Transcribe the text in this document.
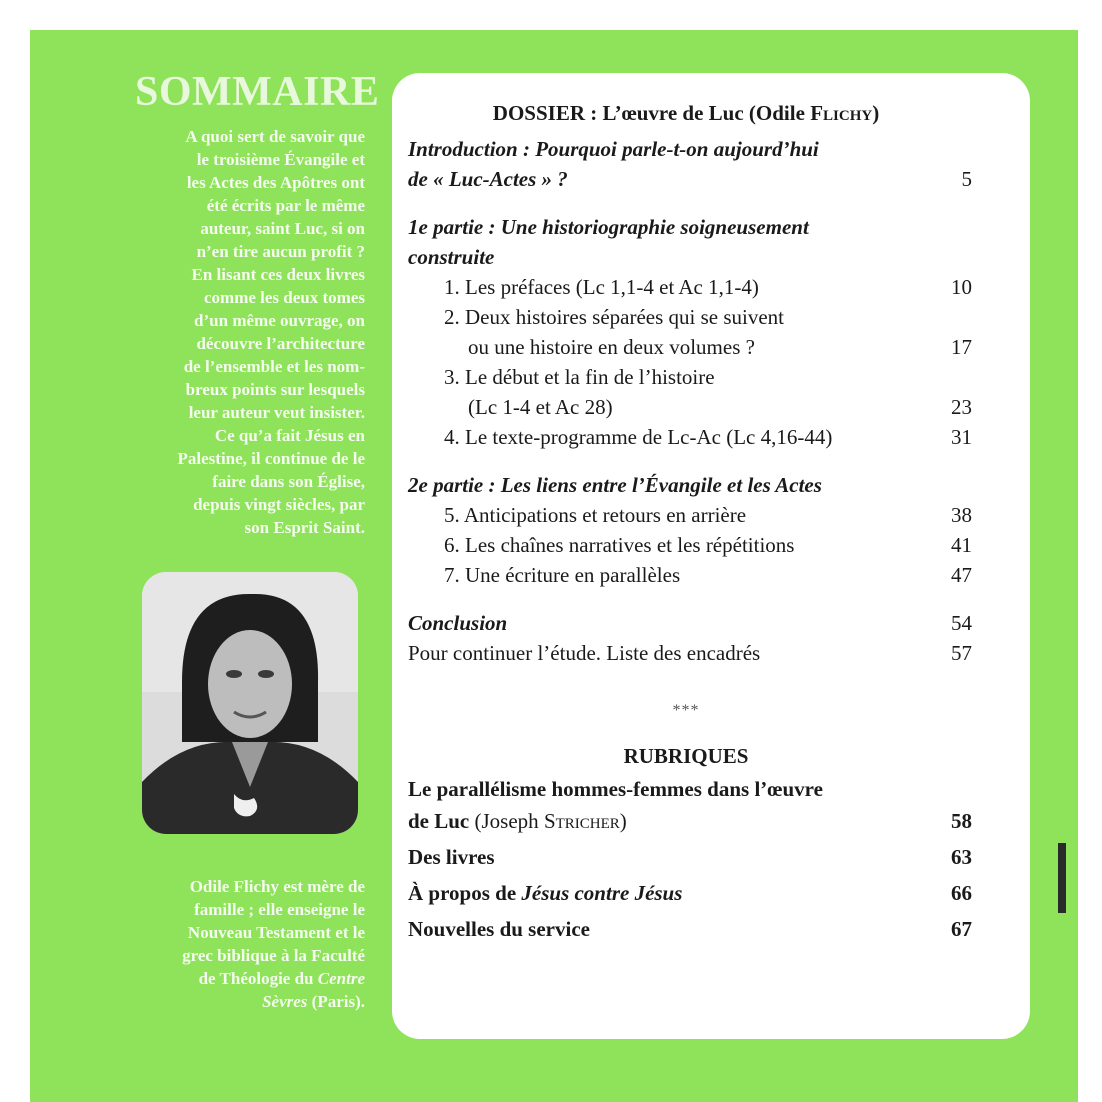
SOMMAIRE
A quoi sert de savoir que
le troisième Évangile et
les Actes des Apôtres ont
été écrits par le même
auteur, saint Luc, si on
n’en tire aucun profit ?
En lisant ces deux livres
comme les deux tomes
d’un même ouvrage, on
découvre l’architecture
de l’ensemble et les nom-
breux points sur lesquels
leur auteur veut insister.
Ce qu’a fait Jésus en
Palestine, il continue de le
faire dans son Église,
depuis vingt siècles, par
son Esprit Saint.
Odile Flichy est mère de
famille ; elle enseigne le
Nouveau Testament et le
grec biblique à la Faculté
de Théologie du Centre
Sèvres (Paris).
DOSSIER : L’œuvre de Luc (Odile Flichy)
Introduction : Pourquoi parle-t-on aujourd’hui
de « Luc-Actes » ?	5
1e partie : Une historiographie soigneusement
construite
1. Les préfaces (Lc 1,1-4 et Ac 1,1-4)	10
2. Deux histoires séparées qui se suivent
ou une histoire en deux volumes ?	17
3. Le début et la fin de l’histoire
(Lc 1-4 et Ac 28)	23
4. Le texte-programme de Lc-Ac (Lc 4,16-44)	31
2e partie : Les liens entre l’Évangile et les Actes
5. Anticipations et retours en arrière	38
6. Les chaînes narratives et les répétitions	41
7. Une écriture en parallèles	47
Conclusion	54
Pour continuer l’étude. Liste des encadrés	57
***
RUBRIQUES
Le parallélisme hommes-femmes dans l’œuvre
de Luc (Joseph Stricher)	58
Des livres	63
À propos de Jésus contre Jésus	66
Nouvelles du service	67
